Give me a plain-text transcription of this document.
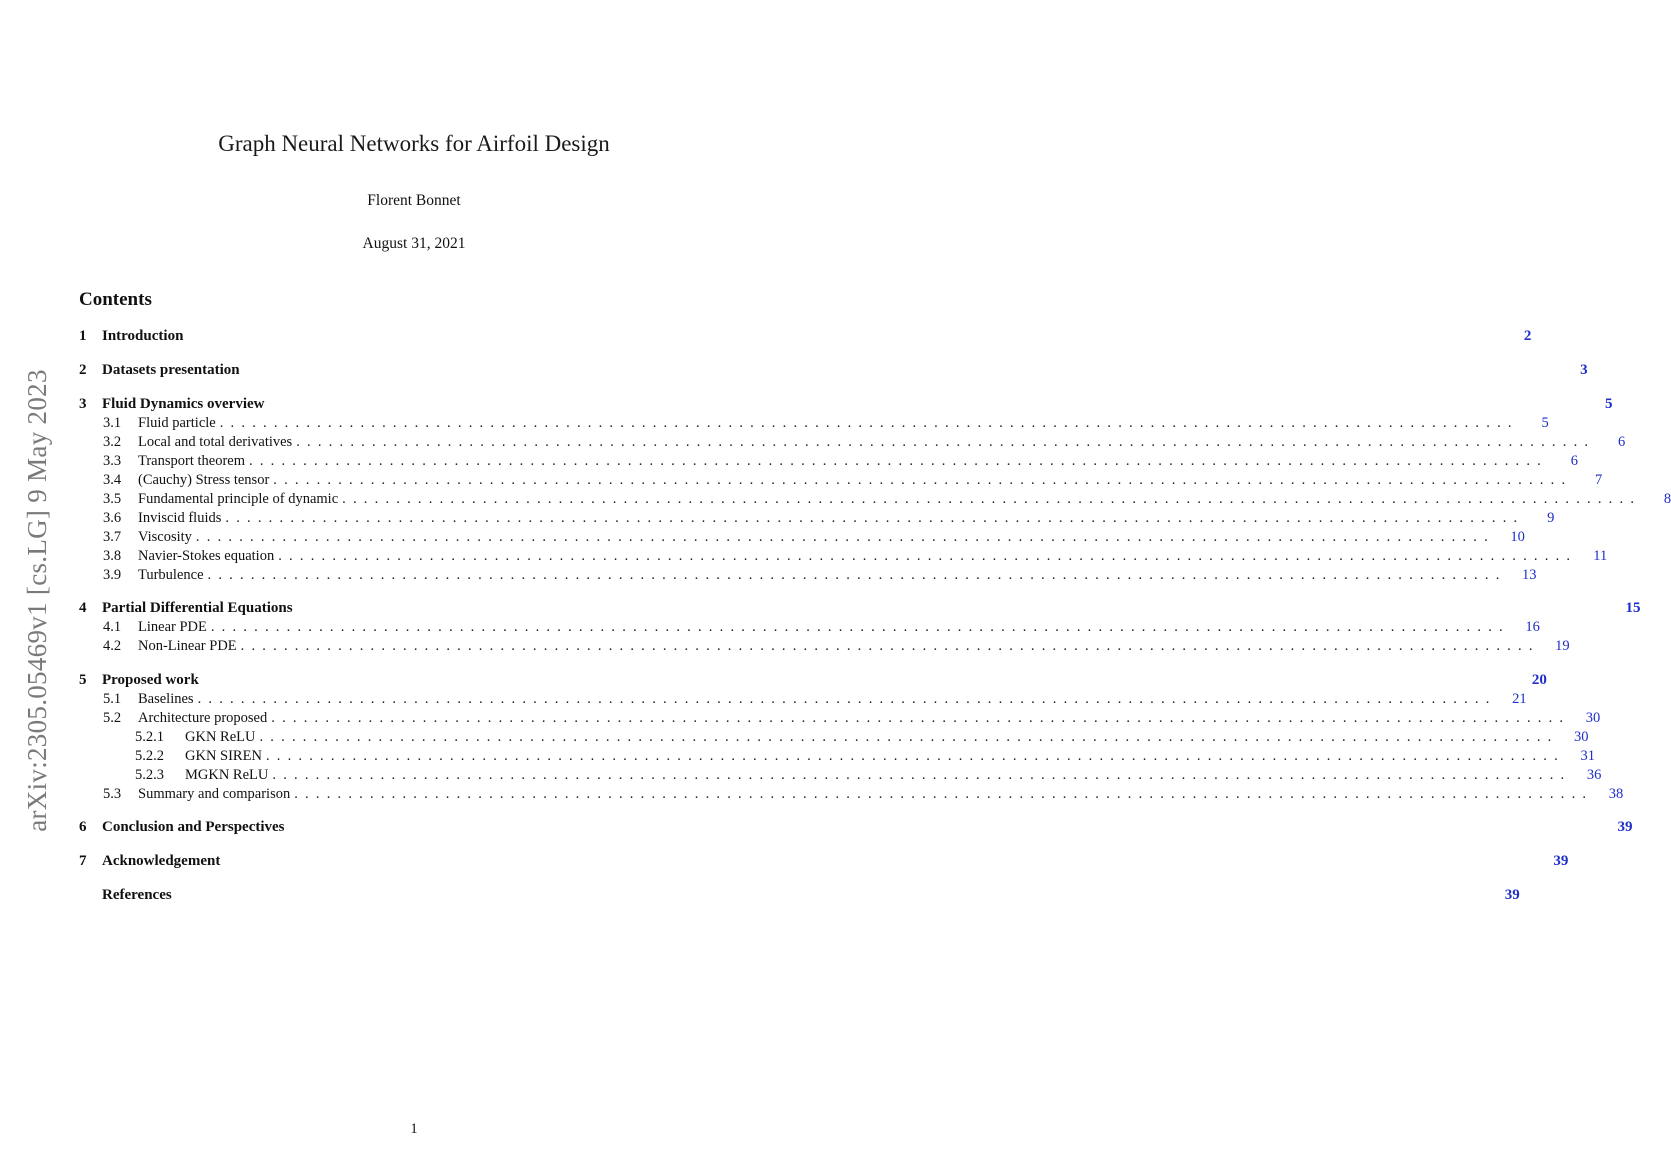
arXiv:2305.05469v1 [cs.LG] 9 May 2023
Graph Neural Networks for Airfoil Design
Florent Bonnet
August 31, 2021
Contents
1	Introduction	2
2	Datasets presentation	3
3	Fluid Dynamics overview	5
3.1	Fluid particle ........................................................................................................................	5
3.2	Local and total derivatives ........................................................................................................................	6
3.3	Transport theorem ........................................................................................................................	6
3.4	(Cauchy) Stress tensor ........................................................................................................................	7
3.5	Fundamental principle of dynamic ........................................................................................................................	8
3.6	Inviscid fluids ........................................................................................................................	9
3.7	Viscosity ........................................................................................................................ 10
3.8	Navier-Stokes equation ........................................................................................................................ 11
3.9	Turbulence ........................................................................................................................ 13
4	Partial Differential Equations	15
4.1	Linear PDE ........................................................................................................................ 16
4.2	Non-Linear PDE ........................................................................................................................ 19
5	Proposed work	20
5.1	Baselines ........................................................................................................................ 21
5.2	Architecture proposed ........................................................................................................................ 30
5.2.1	GKN ReLU ........................................................................................................................ 30
5.2.2	GKN SIREN ........................................................................................................................ 31
5.2.3	MGKN ReLU ........................................................................................................................ 36
5.3	Summary and comparison ........................................................................................................................ 38
6	Conclusion and Perspectives	39
7	Acknowledgement	39
References	39
1
